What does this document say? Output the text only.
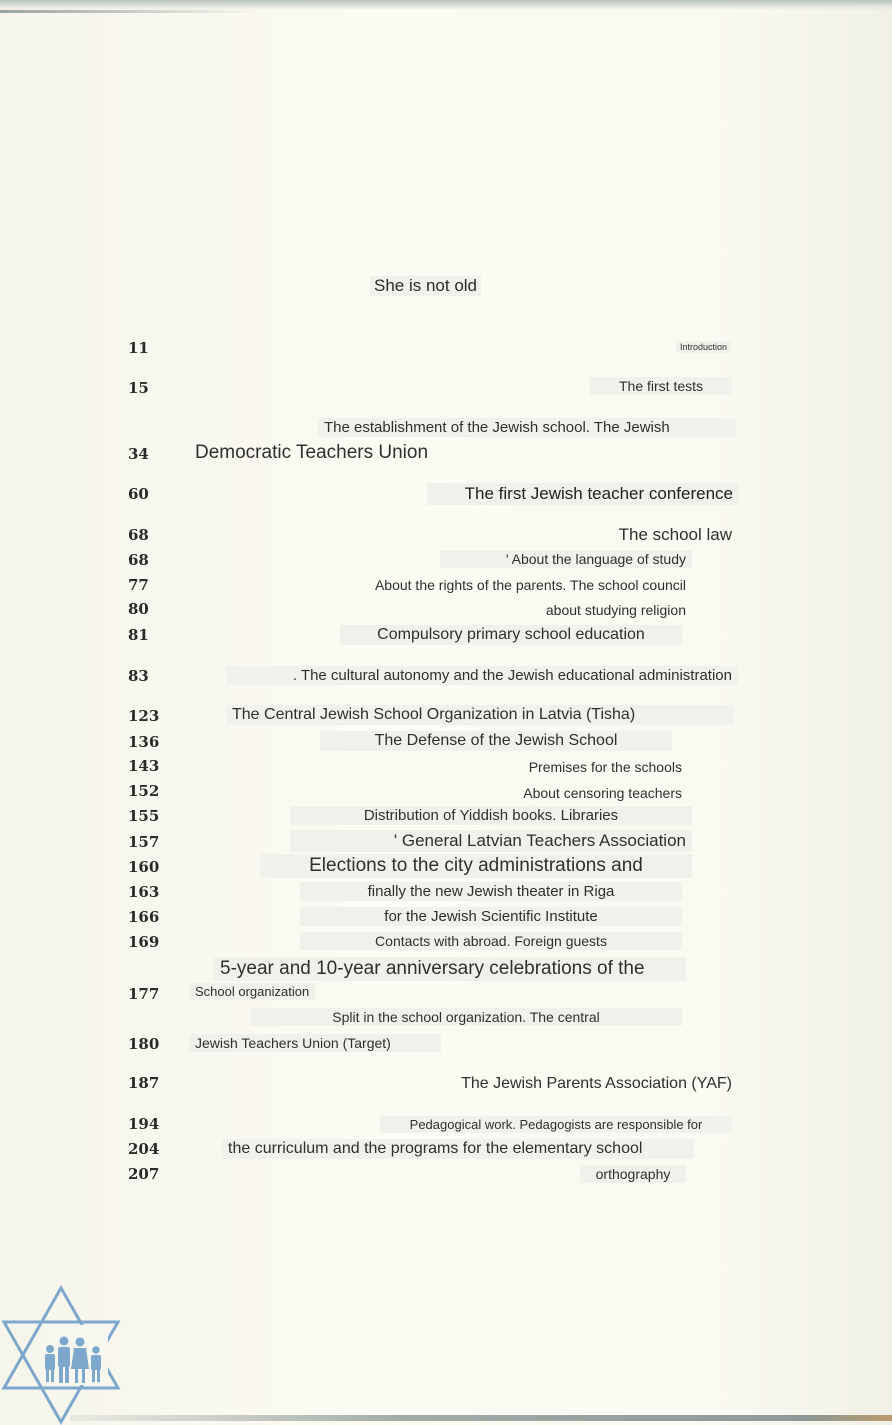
She is not old
11
15
34
60
68
68
77
80
81
83
123
136
143
152
155
157
160
163
166
169
177
180
187
194
204
207
Introduction
The first tests
The establishment of the Jewish school. The Jewish
Democratic Teachers Union
The first Jewish teacher conference
The school law
' About the language of study
About the rights of the parents. The school council
about studying religion
Compulsory primary school education
. The cultural autonomy and the Jewish educational administration
The Central Jewish School Organization in Latvia (Tisha)
The Defense of the Jewish School
Premises for the schools
About censoring teachers
Distribution of Yiddish books. Libraries
' General Latvian Teachers Association
Elections to the city administrations and
finally the new Jewish theater in Riga
for the Jewish Scientific Institute
Contacts with abroad. Foreign guests
5-year and 10-year anniversary celebrations of the
School organization
Split in the school organization. The central
Jewish Teachers Union (Target)
The Jewish Parents Association (YAF)
Pedagogical work. Pedagogists are responsible for
the curriculum and the programs for the elementary school
orthography
